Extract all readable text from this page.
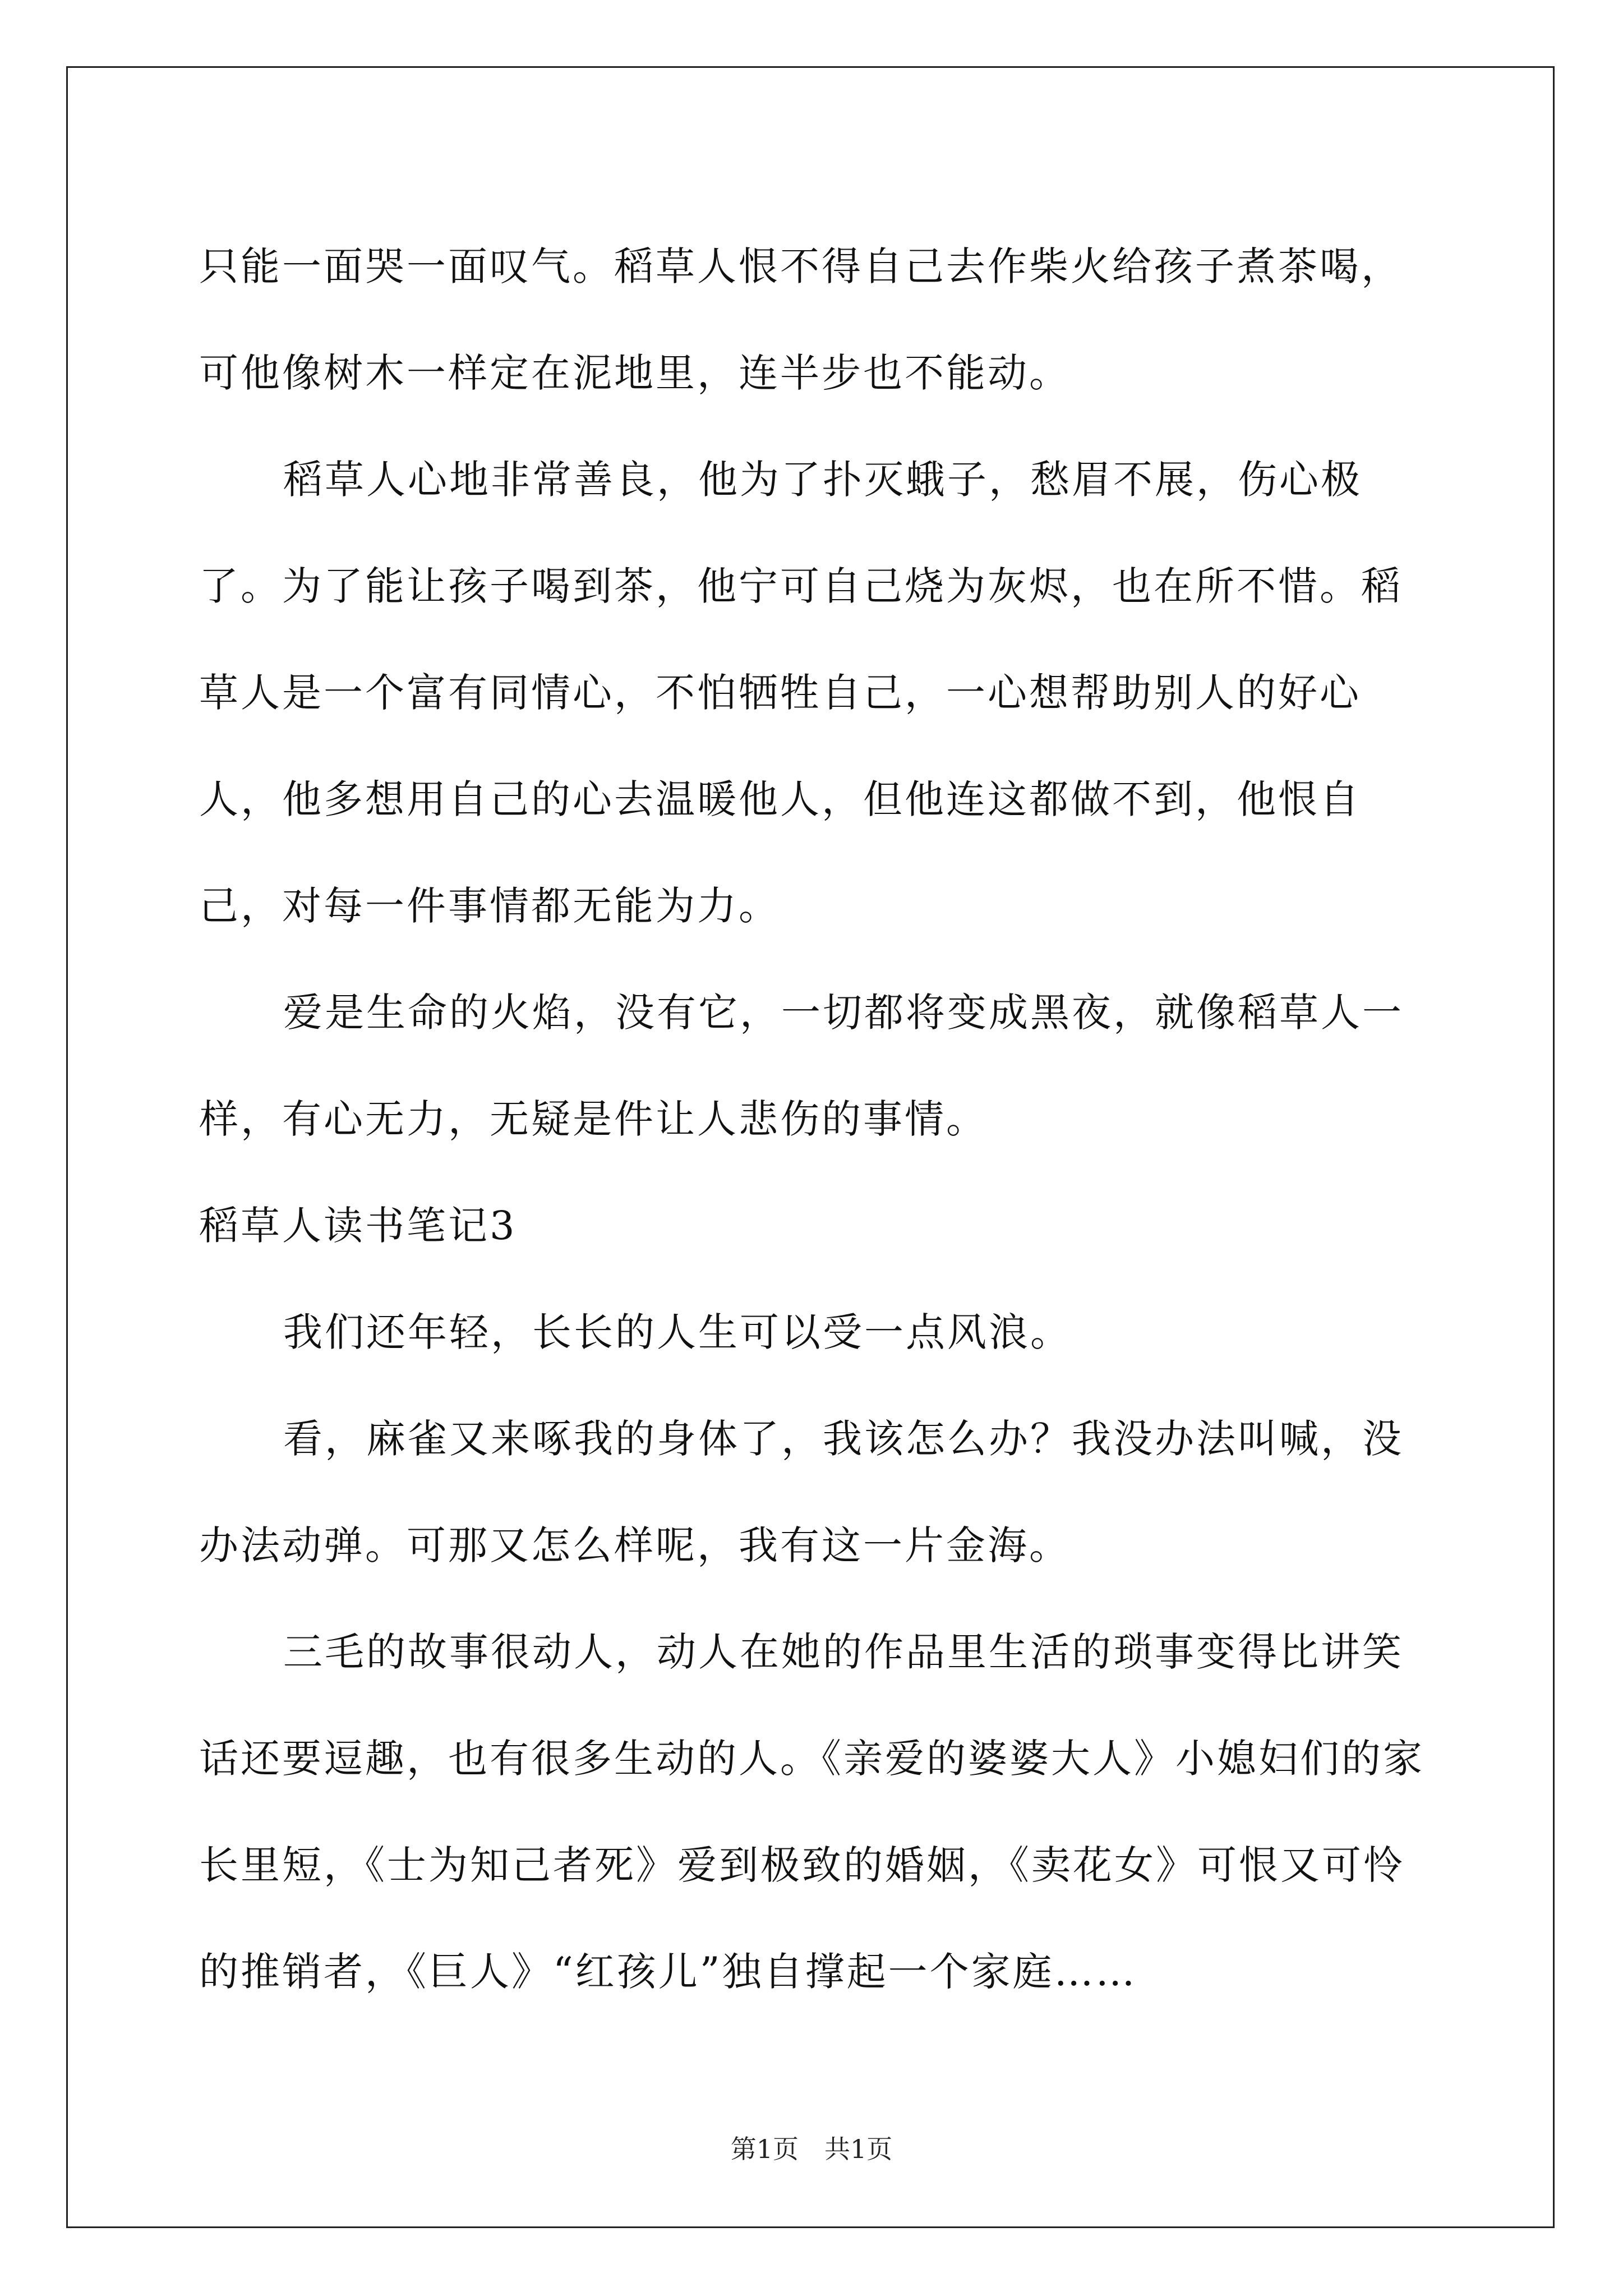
只能一面哭一面叹气。稻草人恨不得自己去作柴火给孩子煮茶喝，可他像树木一样定在泥地里，连半步也不能动。

稻草人心地非常善良，他为了扑灭蛾子，愁眉不展，伤心极了。为了能让孩子喝到茶，他宁可自己烧为灰烬，也在所不惜。稻草人是一个富有同情心，不怕牺牲自己，一心想帮助别人的好心人，他多想用自己的心去温暖他人，但他连这都做不到，他恨自己，对每一件事情都无能为力。

爱是生命的火焰，没有它，一切都将变成黑夜，就像稻草人一样，有心无力，无疑是件让人悲伤的事情。

稻草人读书笔记3

我们还年轻，长长的人生可以受一点风浪。

看，麻雀又来啄我的身体了，我该怎么办？我没办法叫喊，没办法动弹。可那又怎么样呢，我有这一片金海。

三毛的故事很动人，动人在她的作品里生活的琐事变得比讲笑话还要逗趣，也有很多生动的人。《亲爱的婆婆大人》小媳妇们的家长里短，《士为知己者死》爱到极致的婚姻，《卖花女》可恨又可怜的推销者，《巨人》“红孩儿”独自撑起一个家庭……

第1页　共1页
